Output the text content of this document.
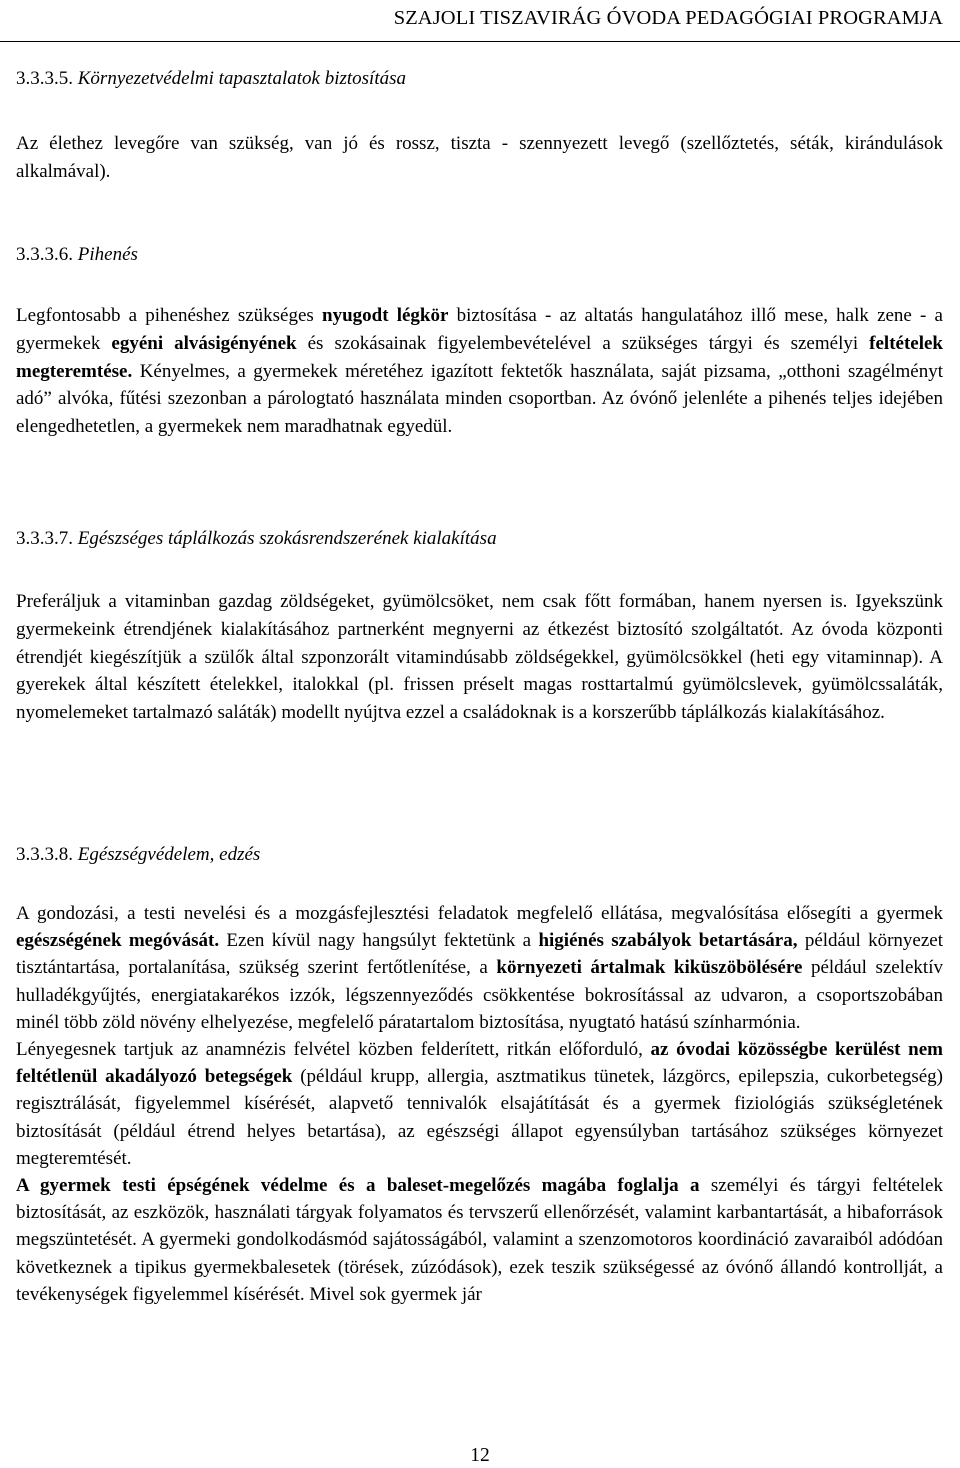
SZAJOLI TISZAVIRÁG ÓVODA PEDAGÓGIAI PROGRAMJA
3.3.3.5. Környezetvédelmi tapasztalatok biztosítása
Az élethez levegőre van szükség, van jó és rossz, tiszta - szennyezett levegő (szellőztetés, séták, kirándulások alkalmával).
3.3.3.6. Pihenés
Legfontosabb a pihenéshez szükséges nyugodt légkör biztosítása - az altatás hangulatához illő mese, halk zene - a gyermekek egyéni alvásigényének és szokásainak figyelembevételével a szükséges tárgyi és személyi feltételek megteremtése. Kényelmes, a gyermekek méretéhez igazított fektetők használata, saját pizsama, „otthoni szagélményt adó” alvóka, fűtési szezonban a párologtató használata minden csoportban. Az óvónő jelenléte a pihenés teljes idejében elengedhetetlen, a gyermekek nem maradhatnak egyedül.
3.3.3.7. Egészséges táplálkozás szokásrendszerének kialakítása
Preferáljuk a vitaminban gazdag zöldségeket, gyümölcsöket, nem csak főtt formában, hanem nyersen is. Igyekszünk gyermekeink étrendjének kialakításához partnerként megnyerni az étkezést biztosító szolgáltatót. Az óvoda központi étrendjét kiegészítjük a szülők által szponzorált vitamindúsabb zöldségekkel, gyümölcsökkel (heti egy vitaminnap). A gyerekek által készített ételekkel, italokkal (pl. frissen préselt magas rosttartalmú gyümölcslevek, gyümölcssaláták, nyomelemeket tartalmazó saláták) modellt nyújtva ezzel a családoknak is a korszerűbb táplálkozás kialakításához.
3.3.3.8. Egészségvédelem, edzés
A gondozási, a testi nevelési és a mozgásfejlesztési feladatok megfelelő ellátása, megvalósítása elősegíti a gyermek egészségének megóvását. Ezen kívül nagy hangsúlyt fektetünk a higiénés szabályok betartására, például környezet tisztántartása, portalanítása, szükség szerint fertőtlenítése, a környezeti ártalmak kiküszöbölésére például szelektív hulladékgyűjtés, energiatakarékos izzók, légszennyeződés csökkentése bokrosítással az udvaron, a csoportszobában minél több zöld növény elhelyezése, megfelelő páratartalom biztosítása, nyugtató hatású színharmónia.
Lényegesnek tartjuk az anamnézis felvétel közben felderített, ritkán előforduló, az óvodai közösségbe kerülést nem feltétlenül akadályozó betegségek (például krupp, allergia, asztmatikus tünetek, lázgörcs, epilepszia, cukorbetegség) regisztrálását, figyelemmel kísérését, alapvető tennivalók elsajátítását és a gyermek fiziológiás szükségletének biztosítását (például étrend helyes betartása), az egészségi állapot egyensúlyban tartásához szükséges környezet megteremtését.
A gyermek testi épségének védelme és a baleset-megelőzés magába foglalja a személyi és tárgyi feltételek biztosítását, az eszközök, használati tárgyak folyamatos és tervszerű ellenőrzését, valamint karbantartását, a hibaforrások megszüntetését. A gyermeki gondolkodásmód sajátosságából, valamint a szenzomotoros koordináció zavaraiból adódóan következnek a tipikus gyermekbalesetek (törések, zúzódások), ezek teszik szükségessé az óvónő állandó kontrollját, a tevékenységek figyelemmel kísérését. Mivel sok gyermek jár
12
